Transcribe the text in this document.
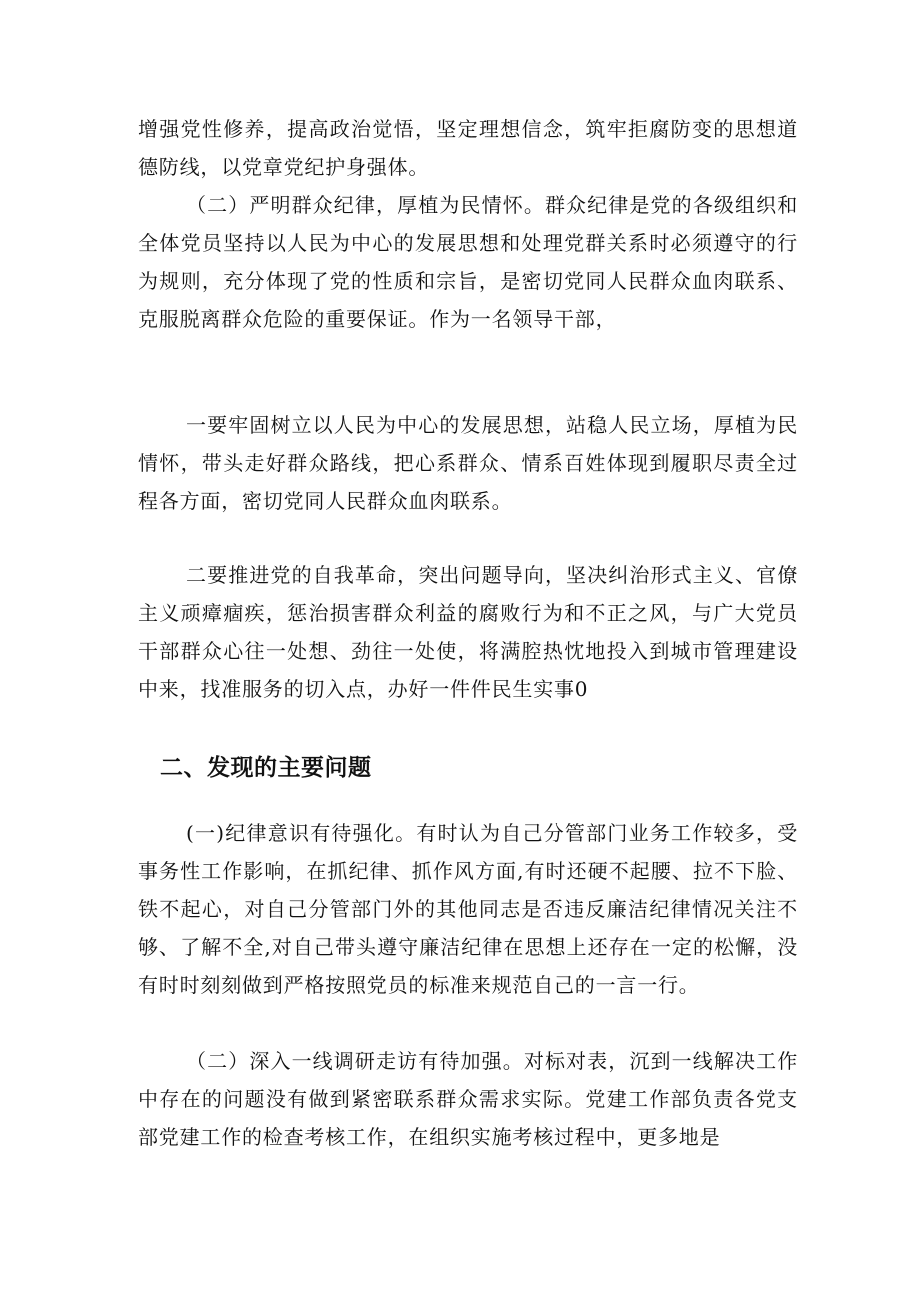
增强党性修养，提高政治觉悟，坚定理想信念，筑牢拒腐防变的思想道德防线，以党章党纪护身强体。

（二）严明群众纪律，厚植为民情怀。群众纪律是党的各级组织和全体党员坚持以人民为中心的发展思想和处理党群关系时必须遵守的行为规则，充分体现了党的性质和宗旨，是密切党同人民群众血肉联系、克服脱离群众危险的重要保证。作为一名领导干部，

一要牢固树立以人民为中心的发展思想，站稳人民立场，厚植为民情怀，带头走好群众路线，把心系群众、情系百姓体现到履职尽责全过程各方面，密切党同人民群众血肉联系。

二要推进党的自我革命，突出问题导向，坚决纠治形式主义、官僚主义顽瘴痼疾，惩治损害群众利益的腐败行为和不正之风，与广大党员干部群众心往一处想、劲往一处使，将满腔热忱地投入到城市管理建设中来，找准服务的切入点，办好一件件民生实事0

二、发现的主要问题

(一)纪律意识有待强化。有时认为自己分管部门业务工作较多，受事务性工作影响，在抓纪律、抓作风方面,有时还硬不起腰、拉不下脸、铁不起心，对自己分管部门外的其他同志是否违反廉洁纪律情况关注不够、了解不全,对自己带头遵守廉洁纪律在思想上还存在一定的松懈，没有时时刻刻做到严格按照党员的标准来规范自己的一言一行。

（二）深入一线调研走访有待加强。对标对表，沉到一线解决工作中存在的问题没有做到紧密联系群众需求实际。党建工作部负责各党支部党建工作的检查考核工作，在组织实施考核过程中，更多地是
